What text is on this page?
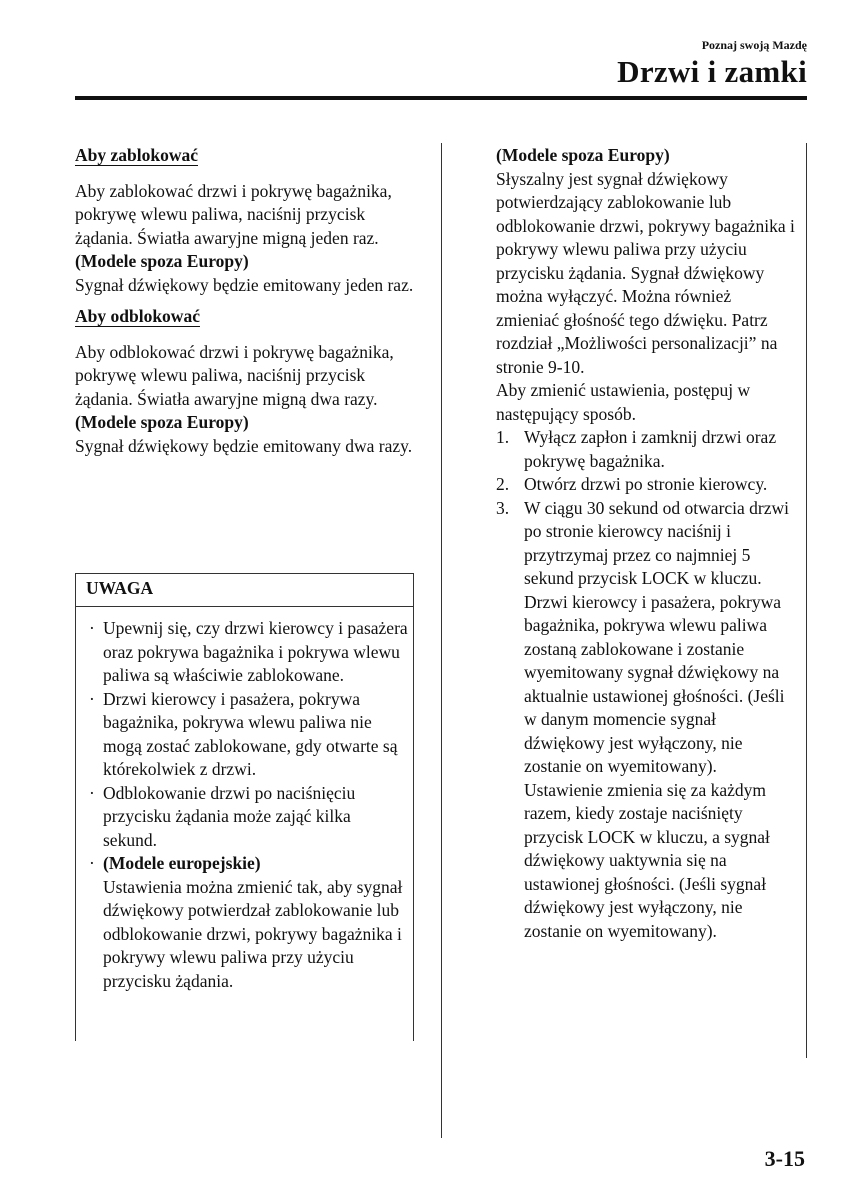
Poznaj swoją Mazdę
Drzwi i zamki

Aby zablokować

Aby zablokować drzwi i pokrywę bagażnika, pokrywę wlewu paliwa, naciśnij przycisk żądania. Światła awaryjne migną jeden raz.

(Modele spoza Europy)

Sygnał dźwiękowy będzie emitowany jeden raz.

Aby odblokować

Aby odblokować drzwi i pokrywę bagażnika, pokrywę wlewu paliwa, naciśnij przycisk żądania. Światła awaryjne migną dwa razy.

(Modele spoza Europy)

Sygnał dźwiękowy będzie emitowany dwa razy.

UWAGA
· Upewnij się, czy drzwi kierowcy i pasażera oraz pokrywa bagażnika i pokrywa wlewu paliwa są właściwie zablokowane.
· Drzwi kierowcy i pasażera, pokrywa bagażnika, pokrywa wlewu paliwa nie mogą zostać zablokowane, gdy otwarte są którekolwiek z drzwi.
· Odblokowanie drzwi po naciśnięciu przycisku żądania może zająć kilka sekund.
· (Modele europejskie)
Ustawienia można zmienić tak, aby sygnał dźwiękowy potwierdzał zablokowanie lub odblokowanie drzwi, pokrywy bagażnika i pokrywy wlewu paliwa przy użyciu przycisku żądania.

(Modele spoza Europy)

Słyszalny jest sygnał dźwiękowy potwierdzający zablokowanie lub odblokowanie drzwi, pokrywy bagażnika i pokrywy wlewu paliwa przy użyciu przycisku żądania. Sygnał dźwiękowy można wyłączyć. Można również zmieniać głośność tego dźwięku. Patrz rozdział „Możliwości personalizacji” na stronie 9-10.

Aby zmienić ustawienia, postępuj w następujący sposób.

1. Wyłącz zapłon i zamknij drzwi oraz pokrywę bagażnika.
2. Otwórz drzwi po stronie kierowcy.
3. W ciągu 30 sekund od otwarcia drzwi po stronie kierowcy naciśnij i przytrzymaj przez co najmniej 5 sekund przycisk LOCK w kluczu. Drzwi kierowcy i pasażera, pokrywa bagażnika, pokrywa wlewu paliwa zostaną zablokowane i zostanie wyemitowany sygnał dźwiękowy na aktualnie ustawionej głośności. (Jeśli w danym momencie sygnał dźwiękowy jest wyłączony, nie zostanie on wyemitowany). Ustawienie zmienia się za każdym razem, kiedy zostaje naciśnięty przycisk LOCK w kluczu, a sygnał dźwiękowy uaktywnia się na ustawionej głośności. (Jeśli sygnał dźwiękowy jest wyłączony, nie zostanie on wyemitowany).
3-15
